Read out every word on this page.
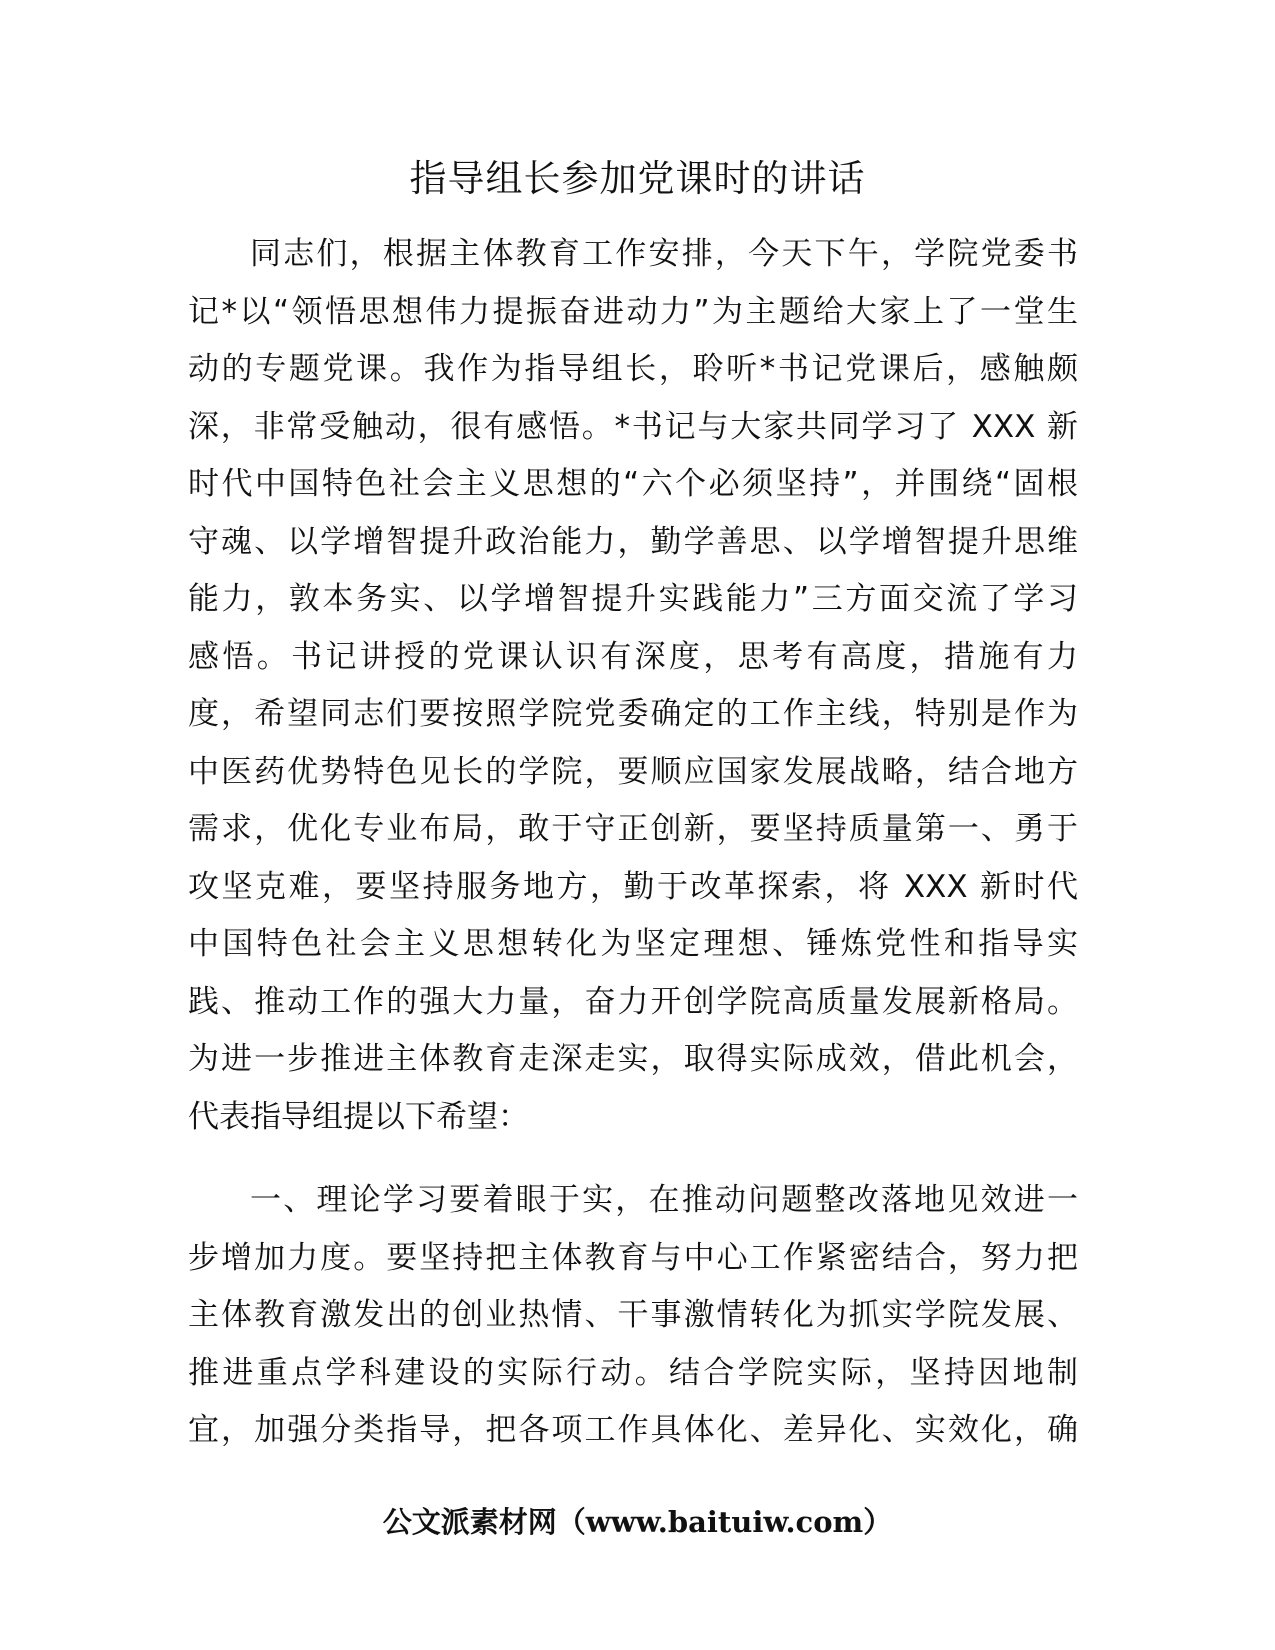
指导组长参加党课时的讲话
同志们，根据主体教育工作安排，今天下午，学院党委书
记*以“领悟思想伟力提振奋进动力”为主题给大家上了一堂生
动的专题党课。我作为指导组长，聆听*书记党课后，感触颇
深，非常受触动，很有感悟。*书记与大家共同学习了 XXX 新
时代中国特色社会主义思想的“六个必须坚持”，并围绕“固根
守魂、以学增智提升政治能力，勤学善思、以学增智提升思维
能力，敦本务实、以学增智提升实践能力”三方面交流了学习
感悟。书记讲授的党课认识有深度，思考有高度，措施有力
度，希望同志们要按照学院党委确定的工作主线，特别是作为
中医药优势特色见长的学院，要顺应国家发展战略，结合地方
需求，优化专业布局，敢于守正创新，要坚持质量第一、勇于
攻坚克难，要坚持服务地方，勤于改革探索，将 XXX 新时代
中国特色社会主义思想转化为坚定理想、锤炼党性和指导实
践、推动工作的强大力量，奋力开创学院高质量发展新格局。
为进一步推进主体教育走深走实，取得实际成效，借此机会，
代表指导组提以下希望：
一、理论学习要着眼于实，在推动问题整改落地见效进一
步增加力度。要坚持把主体教育与中心工作紧密结合，努力把
主体教育激发出的创业热情、干事激情转化为抓实学院发展、
推进重点学科建设的实际行动。结合学院实际，坚持因地制
宜，加强分类指导，把各项工作具体化、差异化、实效化，确
公文派素材网（www.baituiw.com）
